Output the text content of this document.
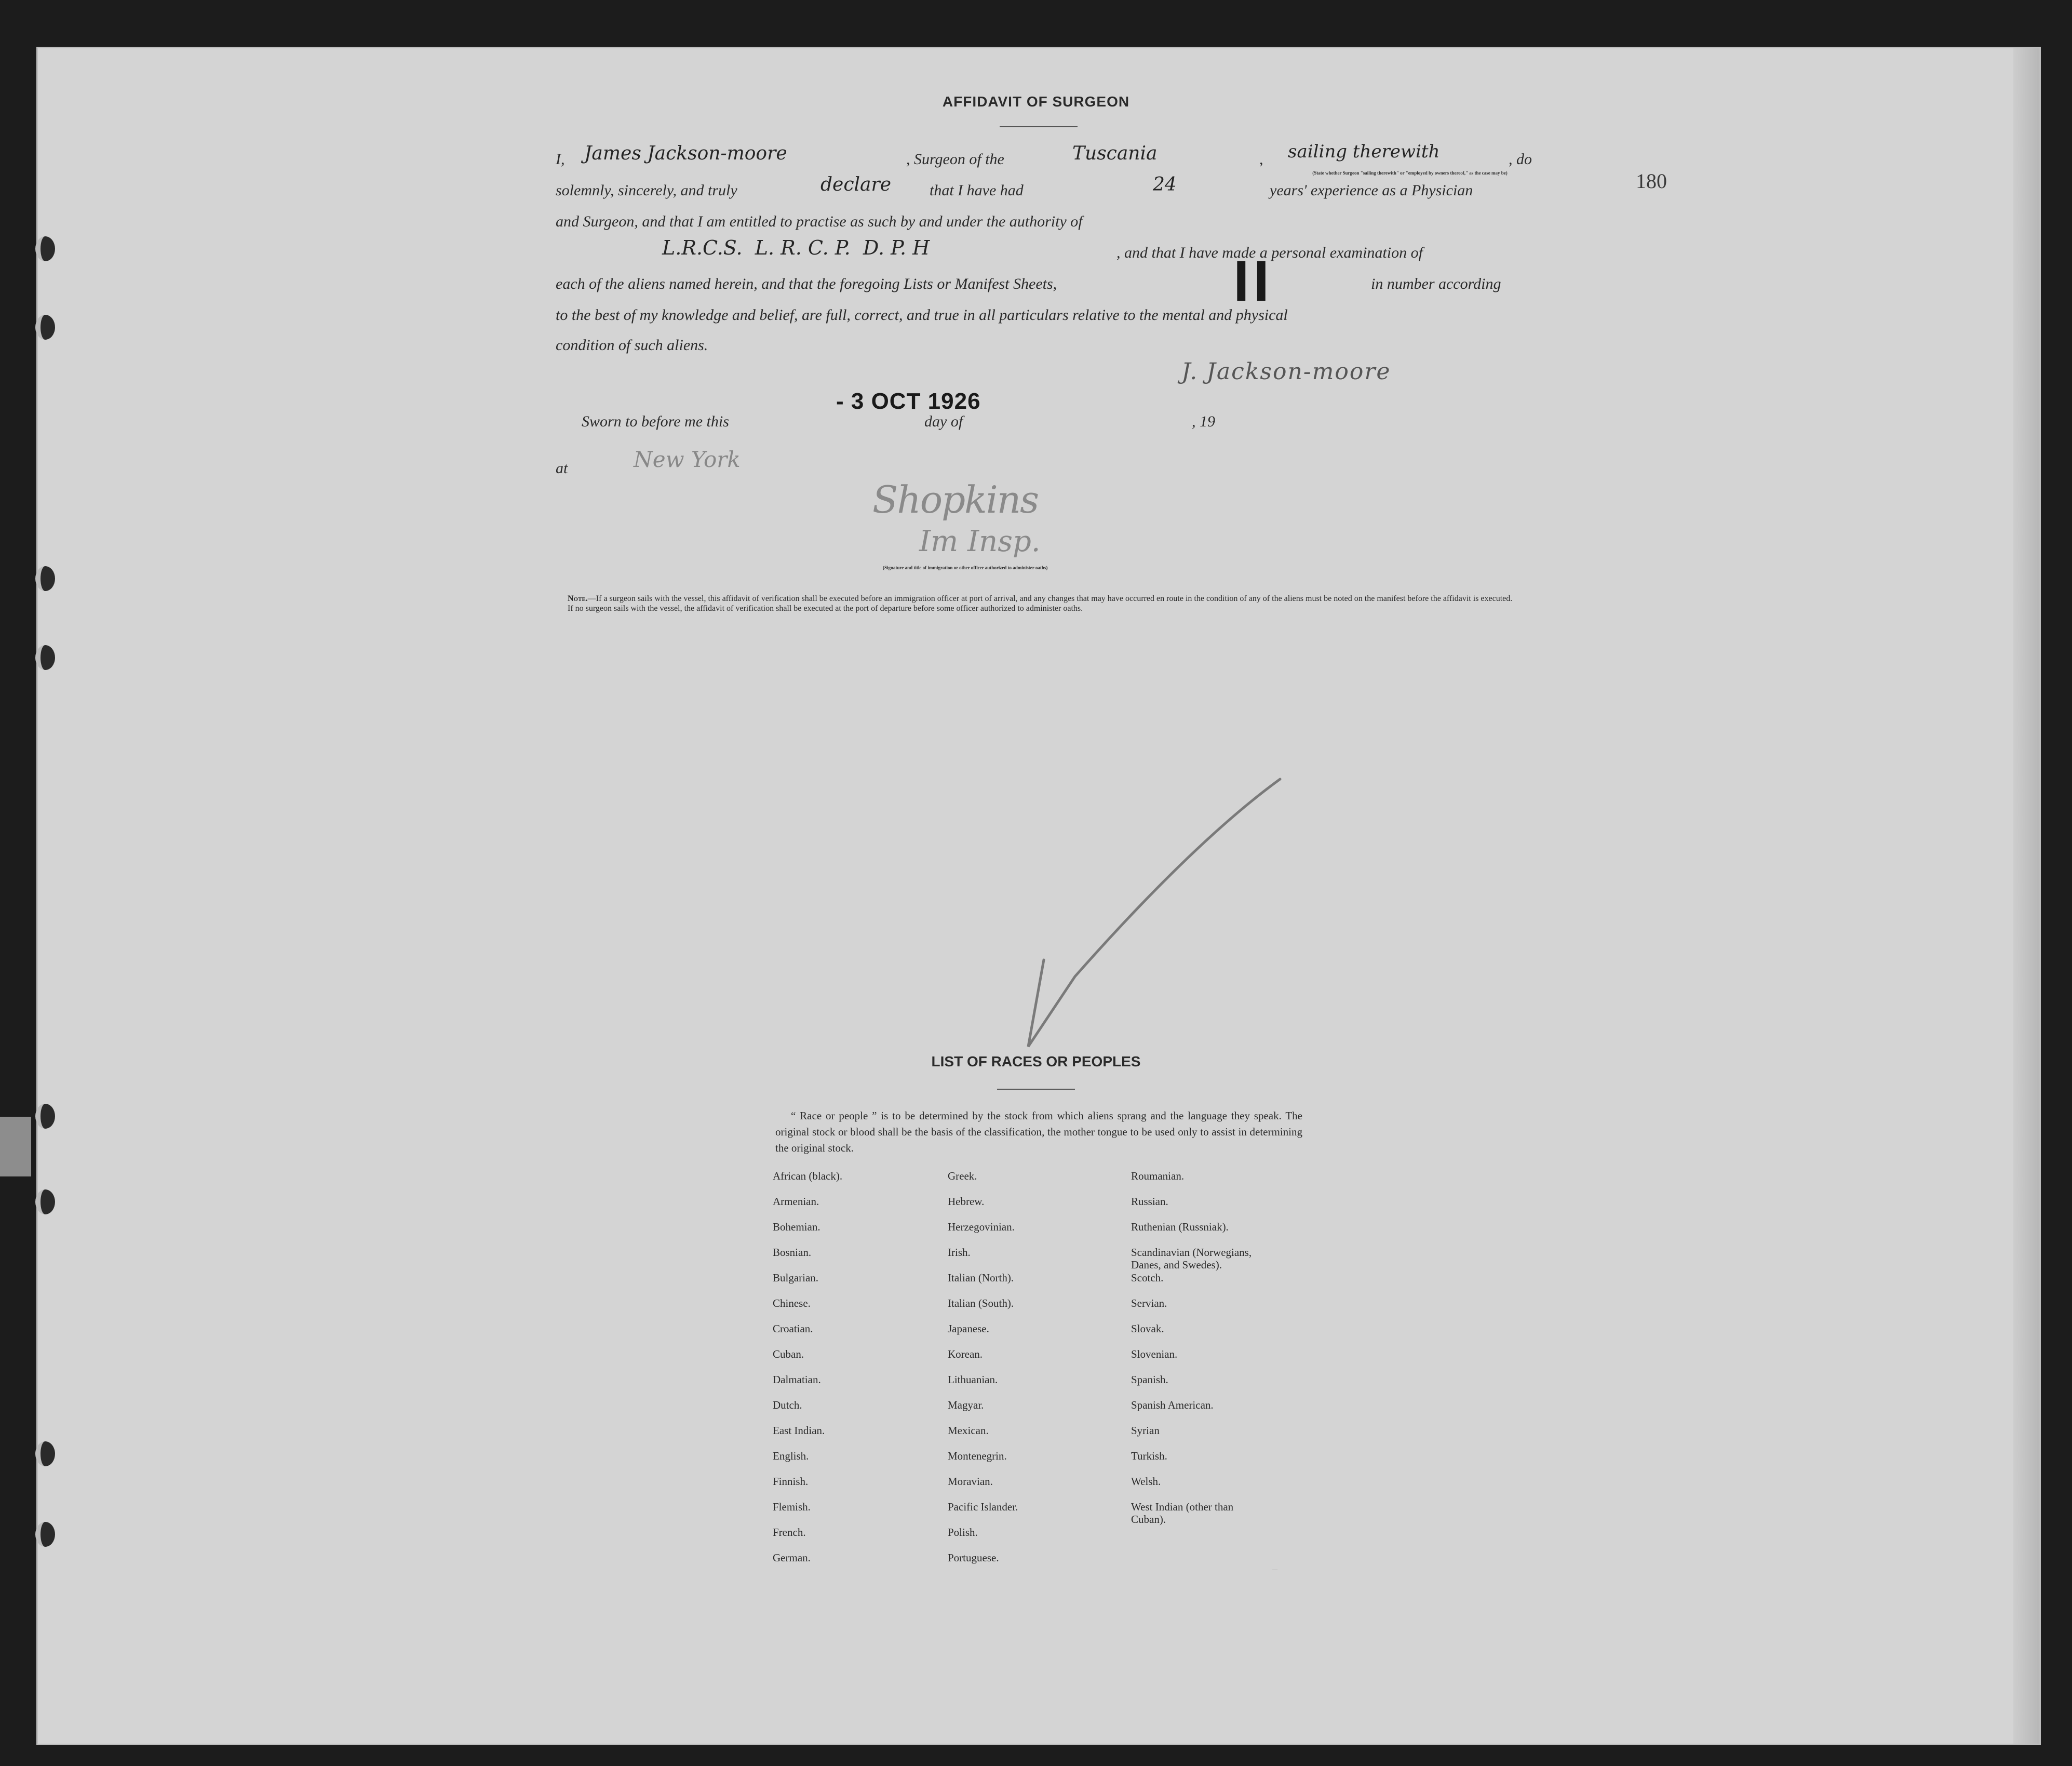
180
AFFIDAVIT OF SURGEON
I,	James Jackson-moore	, Surgeon of the	Tuscania	,	sailing therewith	, do
(State whether Surgeon "sailing therewith" or "employed by owners thereof," as the case may be)
solemnly, sincerely, and truly	declare that I have had	24	years' experience as a Physician
and Surgeon, and that I am entitled to practise as such by and under the authority of
L.R.C.S.  L. R. C. P.  D. P. H	, and that I have made a personal examination of
each of the aliens named herein, and that the foregoing Lists or Manifest Sheets,	II	in number according
to the best of my knowledge and belief, are full, correct, and true in all particulars relative to the mental and physical
condition of such aliens.
J. Jackson-moore
Sworn to before me this
- 3 OCT 1926
day of	, 19
at	New York
Shopkins
Im Insp.
(Signature and title of immigration or other officer authorized to administer oaths)
Note.—If a surgeon sails with the vessel, this affidavit of verification shall be executed before an immigration officer at port of arrival, and any changes that may have occurred en route in the condition of any of the aliens must be noted on the manifest before the affidavit is executed.
If no surgeon sails with the vessel, the affidavit of verification shall be executed at the port of departure before some officer authorized to administer oaths.
LIST OF RACES OR PEOPLES
“ Race or people ” is to be determined by the stock from which aliens sprang and the language they speak. The original stock or blood shall be the basis of the classification, the mother tongue to be used only to assist in determining the original stock.
African (black).
Armenian.
Bohemian.
Bosnian.
Bulgarian.
Chinese.
Croatian.
Cuban.
Dalmatian.
Dutch.
East Indian.
English.
Finnish.
Flemish.
French.
German.
Greek.
Hebrew.
Herzegovinian.
Irish.
Italian (North).
Italian (South).
Japanese.
Korean.
Lithuanian.
Magyar.
Mexican.
Montenegrin.
Moravian.
Pacific Islander.
Polish.
Portuguese.
Roumanian.
Russian.
Ruthenian (Russniak).
Scandinavian (Norwegians,
Danes, and Swedes).
Scotch.
Servian.
Slovak.
Slovenian.
Spanish.
Spanish American.
Syrian
Turkish.
Welsh.
West Indian (other than
Cuban).
—
